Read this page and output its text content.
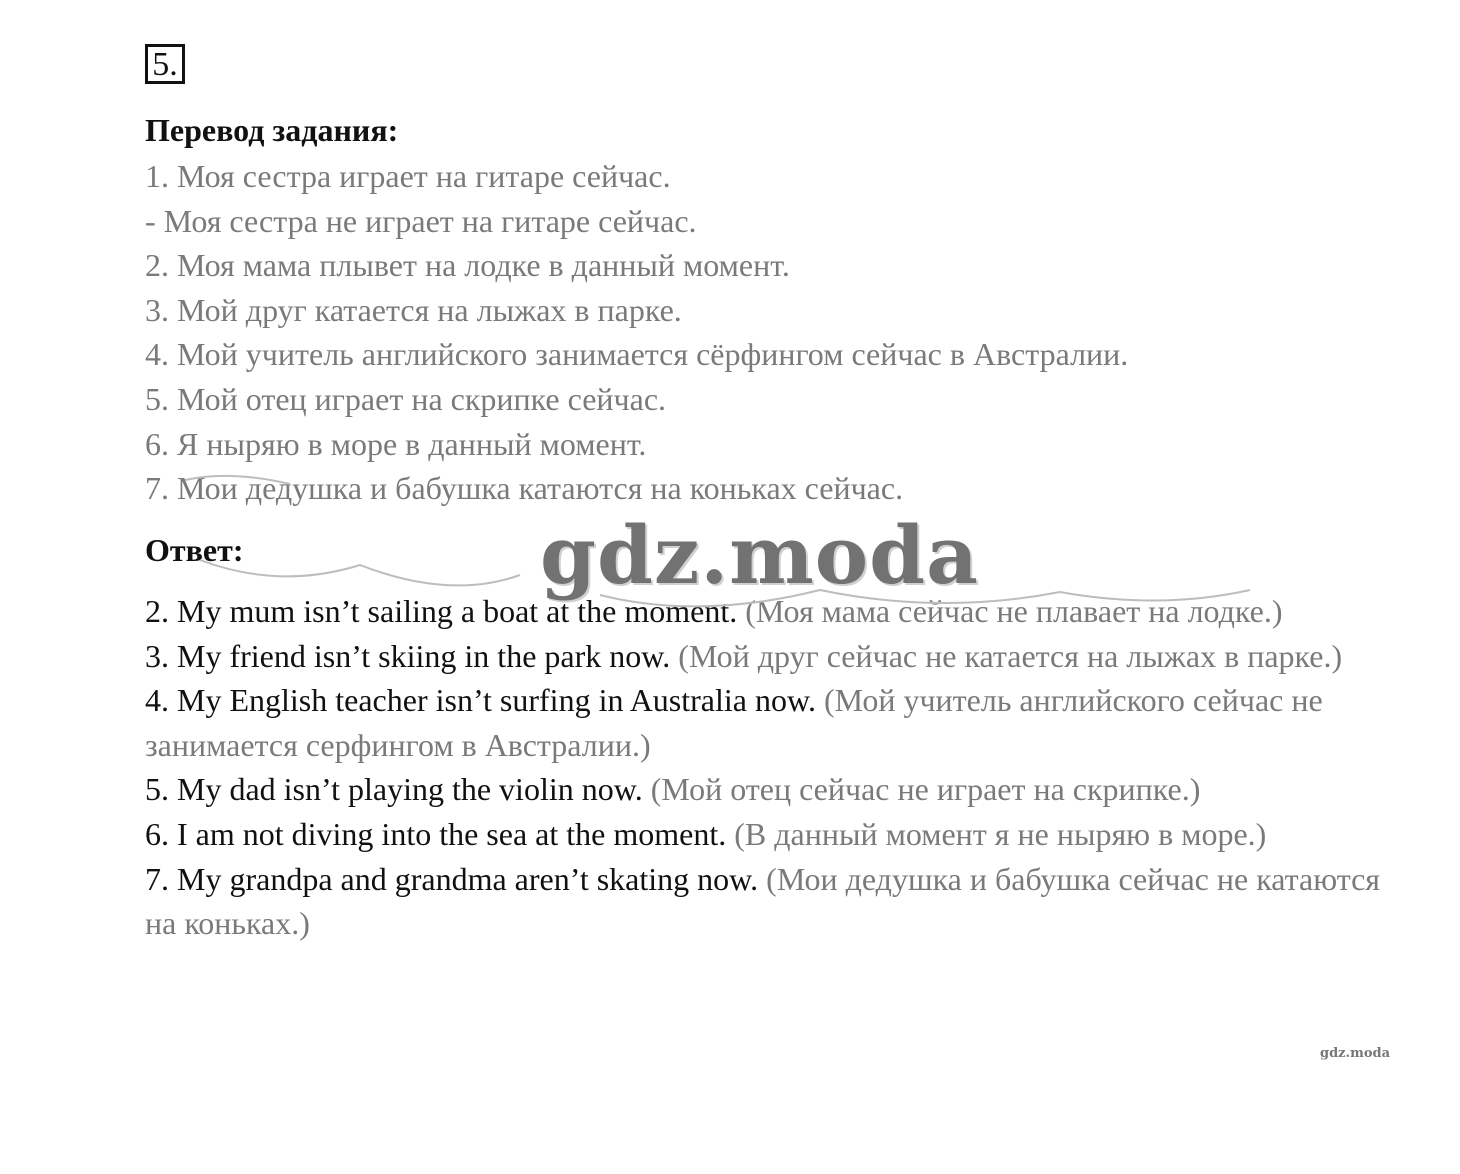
5.
Перевод задания:
1. Моя сестра играет на гитаре сейчас.
- Моя сестра не играет на гитаре сейчас.
2. Моя мама плывет на лодке в данный момент.
3. Мой друг катается на лыжах в парке.
4. Мой учитель английского занимается сёрфингом сейчас в Австралии.
5. Мой отец играет на скрипке сейчас.
6. Я ныряю в море в данный момент.
7. Мои дедушка и бабушка катаются на коньках сейчас.
Ответ:
2. My mum isn’t sailing a boat at the moment. (Моя мама сейчас не плавает на лодке.)
3. My friend isn’t skiing in the park now. (Мой друг сейчас не катается на лыжах в парке.)
4. My English teacher isn’t surfing in Australia now. (Мой учитель английского сейчас не занимается серфингом в Австралии.)
5. My dad isn’t playing the violin now. (Мой отец сейчас не играет на скрипке.)
6. I am not diving into the sea at the moment. (В данный момент я не ныряю в море.)
7. My grandpa and grandma aren’t skating now. (Мои дедушка и бабушка сейчас не катаются на коньках.)
gdz.moda
gdz.moda
